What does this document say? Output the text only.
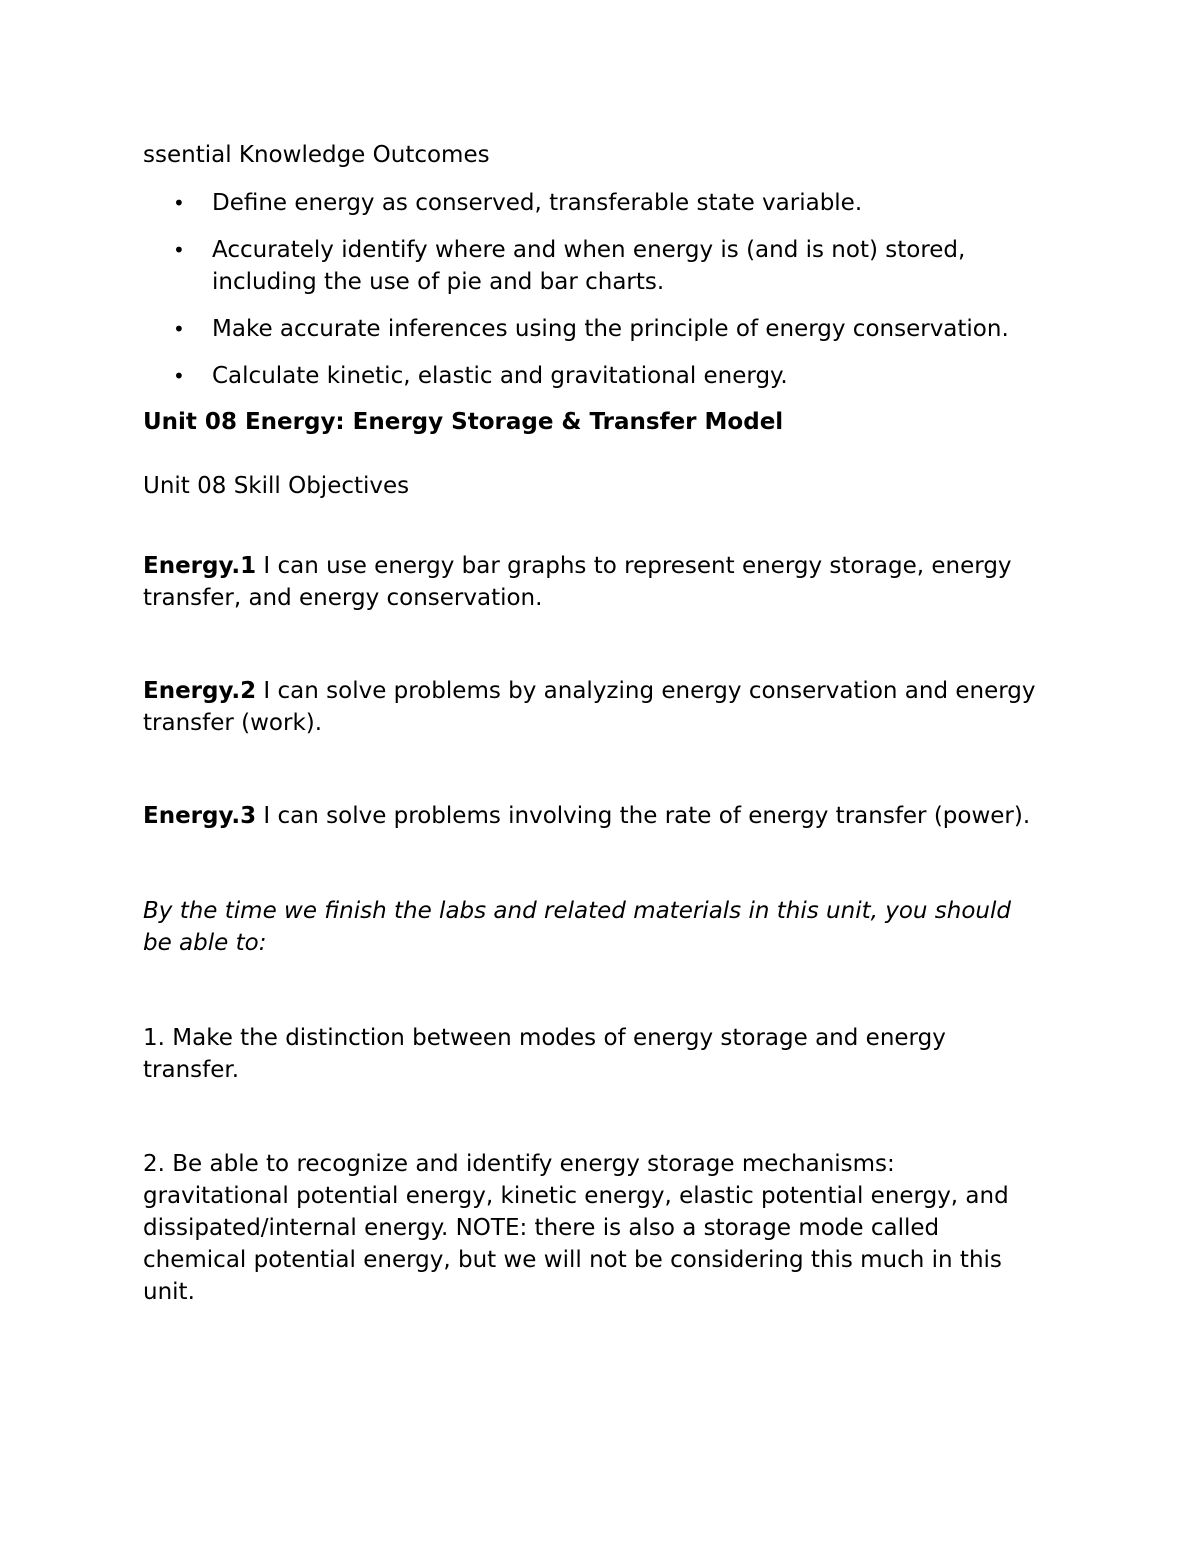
ssential Knowledge Outcomes

• Define energy as conserved, transferable state variable.
• Accurately identify where and when energy is (and is not) stored, including the use of pie and bar charts.
• Make accurate inferences using the principle of energy conservation.
• Calculate kinetic, elastic and gravitational energy.

Unit 08 Energy: Energy Storage & Transfer Model

Unit 08 Skill Objectives

Energy.1 I can use energy bar graphs to represent energy storage, energy transfer, and energy conservation.

Energy.2 I can solve problems by analyzing energy conservation and energy transfer (work).

Energy.3 I can solve problems involving the rate of energy transfer (power).

By the time we finish the labs and related materials in this unit, you should be able to:

1. Make the distinction between modes of energy storage and energy transfer.

2. Be able to recognize and identify energy storage mechanisms: gravitational potential energy, kinetic energy, elastic potential energy, and dissipated/internal energy. NOTE: there is also a storage mode called chemical potential energy, but we will not be considering this much in this unit.
